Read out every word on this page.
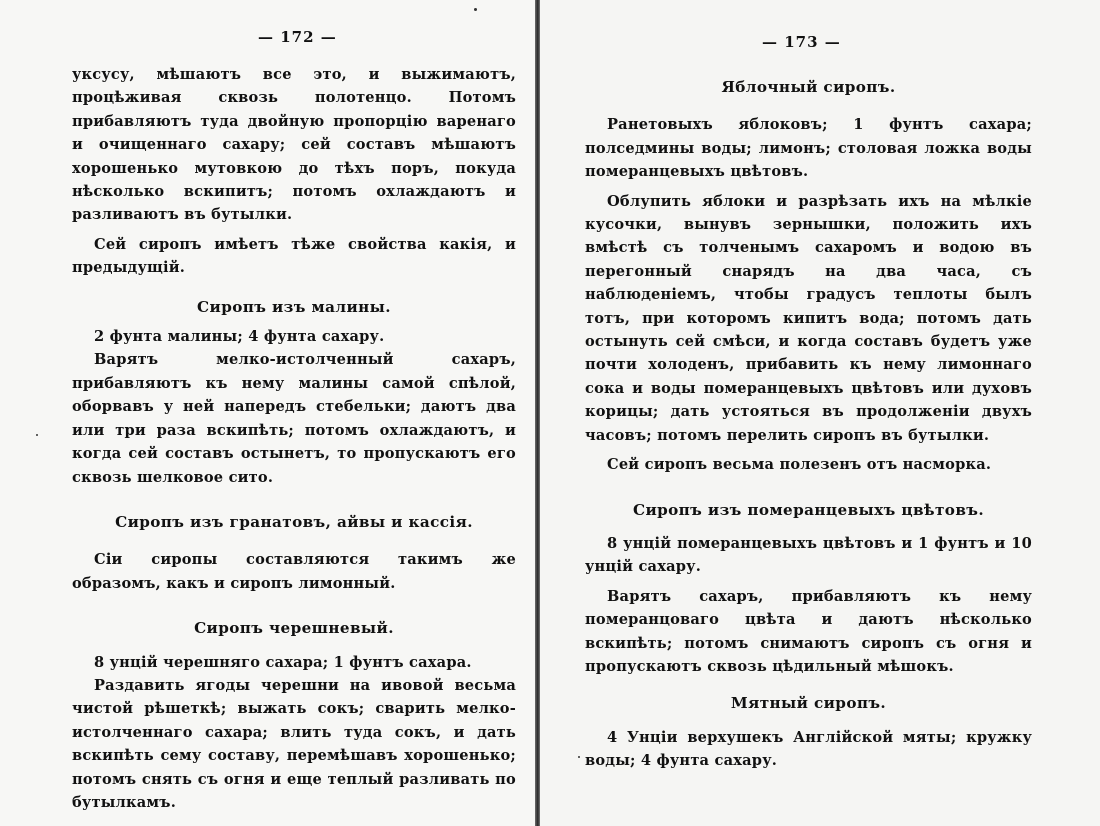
— 172 —

уксусу, мѣшаютъ все это, и выжимаютъ, процѣживая сквозь полотенцо. Потомъ прибавляютъ туда двойную пропорцію варенаго и очищеннаго сахару; сей составъ мѣшаютъ хорошенько мутовкою до тѣхъ поръ, покуда нѣсколько вскипитъ; потомъ охлаждаютъ и разливаютъ въ бутылки.

Сей сиропъ имѣетъ тѣже свойства какія, и предыдущій.

Сиропъ изъ малины.

2 фунта малины; 4 фунта сахару.

Варятъ мелко-истолченный сахаръ, прибавляютъ къ нему малины самой спѣлой, оборвавъ у ней напередъ стебельки; даютъ два или три раза вскипѣть; потомъ охлаждаютъ, и когда сей составъ остынетъ, то пропускаютъ его сквозь шелковое сито.

Сиропъ изъ гранатовъ, айвы и кассія.

Сіи сиропы составляются такимъ же образомъ, какъ и сиропъ лимонный.

Сиропъ черешневый.

8 унцій черешняго сахара; 1 фунтъ сахара.

Раздавить ягоды черешни на ивовой весьма чистой рѣшеткѣ; выжать сокъ; сварить мелко-истолченнаго сахара; влить туда сокъ, и дать вскипѣть сему составу, перемѣшавъ хорошенько; потомъ снять съ огня и еще теплый разливать по бутылкамъ.

— 173 —
Яблочный сиропъ.

Ранетовыхъ яблоковъ; 1 фунтъ сахара; полседмины воды; лимонъ; столовая ложка воды померанцевыхъ цвѣтовъ.

Облупить яблоки и разрѣзать ихъ на мѣлкіе кусочки, вынувъ зернышки, положить ихъ вмѣстѣ съ толченымъ сахаромъ и водою въ перегонный снарядъ на два часа, съ наблюденіемъ, чтобы градусъ теплоты былъ тотъ, при которомъ кипитъ вода; потомъ дать остынуть сей смѣси, и когда составъ будетъ уже почти холоденъ, прибавить къ нему лимоннаго сока и воды померанцевыхъ цвѣтовъ или духовъ корицы; дать устояться въ продолженіи двухъ часовъ; потомъ перелить сиропъ въ бутылки.

Сей сиропъ весьма полезенъ отъ насморка.

Сиропъ изъ померанцевыхъ цвѣтовъ.

8 унцій померанцевыхъ цвѣтовъ и 1 фунтъ и 10 унцій сахару.

Варятъ сахаръ, прибавляютъ къ нему померанцоваго цвѣта и даютъ нѣсколько вскипѣть; потомъ снимаютъ сиропъ съ огня и пропускаютъ сквозь цѣдильный мѣшокъ.

Мятный сиропъ.

4 Унціи верхушекъ Англійской мяты; кружку воды; 4 фунта сахару.
